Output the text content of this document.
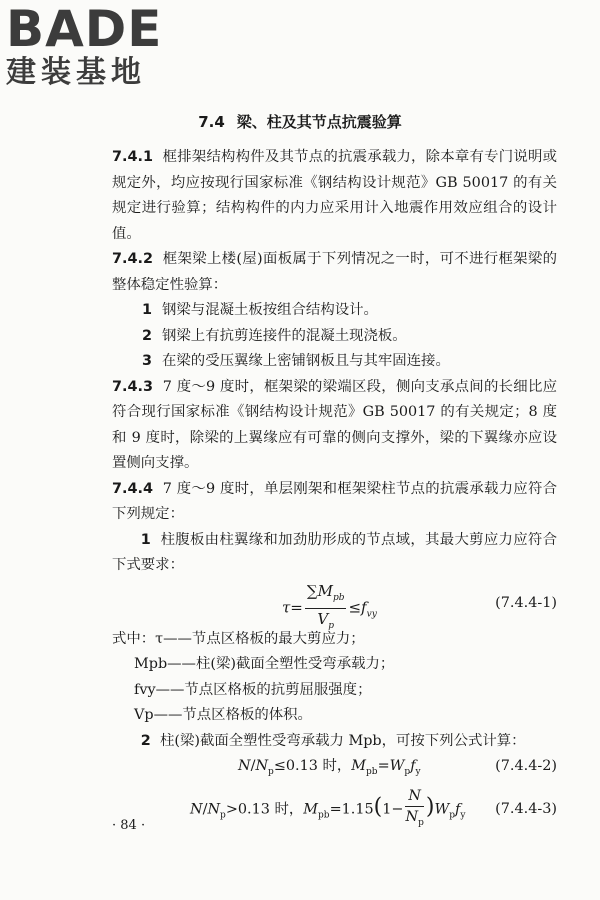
BADE
建装基地
7.4 梁、柱及其节点抗震验算

7.4.1 框排架结构构件及其节点的抗震承载力，除本章有专门说明或规定外，均应按现行国家标准《钢结构设计规范》GB 50017 的有关规定进行验算；结构构件的内力应采用计入地震作用效应组合的设计值。

7.4.2 框架梁上楼(屋)面板属于下列情况之一时，可不进行框架梁的整体稳定性验算：

1 钢梁与混凝土板按组合结构设计。

2 钢梁上有抗剪连接件的混凝土现浇板。

3 在梁的受压翼缘上密铺钢板且与其牢固连接。

7.4.3 7 度～9 度时，框架梁的梁端区段，侧向支承点间的长细比应符合现行国家标准《钢结构设计规范》GB 50017 的有关规定；8 度和 9 度时，除梁的上翼缘应有可靠的侧向支撑外，梁的下翼缘亦应设置侧向支撑。

7.4.4 7 度～9 度时，单层刚架和框架梁柱节点的抗震承载力应符合下列规定：

1 柱腹板由柱翼缘和加劲肋形成的节点域，其最大剪应力应符合下式要求：

$\tau= \frac{\sum M_{pb}}{V_p} \le f_{vy}$
(7.4.4-1)
式中：τ——节点区格板的最大剪应力；
Mpb——柱(梁)截面全塑性受弯承载力；
fvy——节点区格板的抗剪屈服强度；
Vp——节点区格板的体积。

2 柱(梁)截面全塑性受弯承载力 Mpb，可按下列公式计算：

$N/N_p\le 0.13$ 时，$M_{pb}=W_pf_y$	(7.4.4-2)
$N/N_p>0.13$ 时，$M_{pb}=1.15(1- \frac{N}{N_p} )W_pf_y$ (7.4.4-3)
· 84 ·
